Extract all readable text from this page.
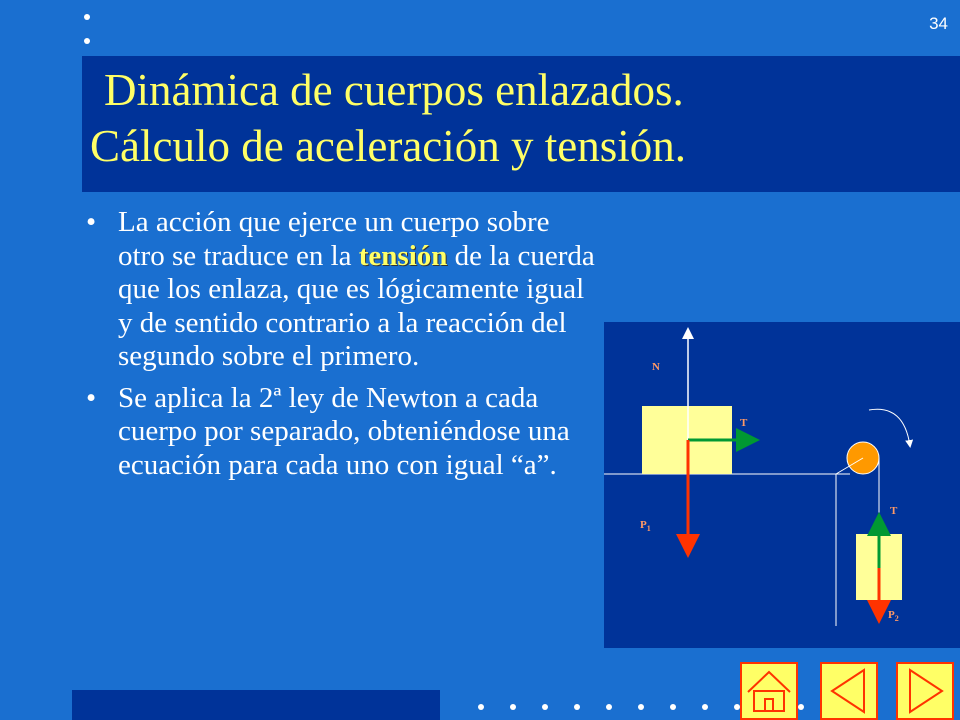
34
Dinámica de cuerpos enlazados.
Cálculo de aceleración y tensión.
• La acción que ejerce un cuerpo sobre otro se traduce en la tensión de la cuerda que los enlaza, que es lógicamente igual y de sentido contrario a la reacción del segundo sobre el primero.
• Se aplica la 2ª ley de Newton a cada cuerpo por separado, obteniéndose una ecuación para cada uno con igual “a”.
N
T
$P_1$
T
$P_2$
